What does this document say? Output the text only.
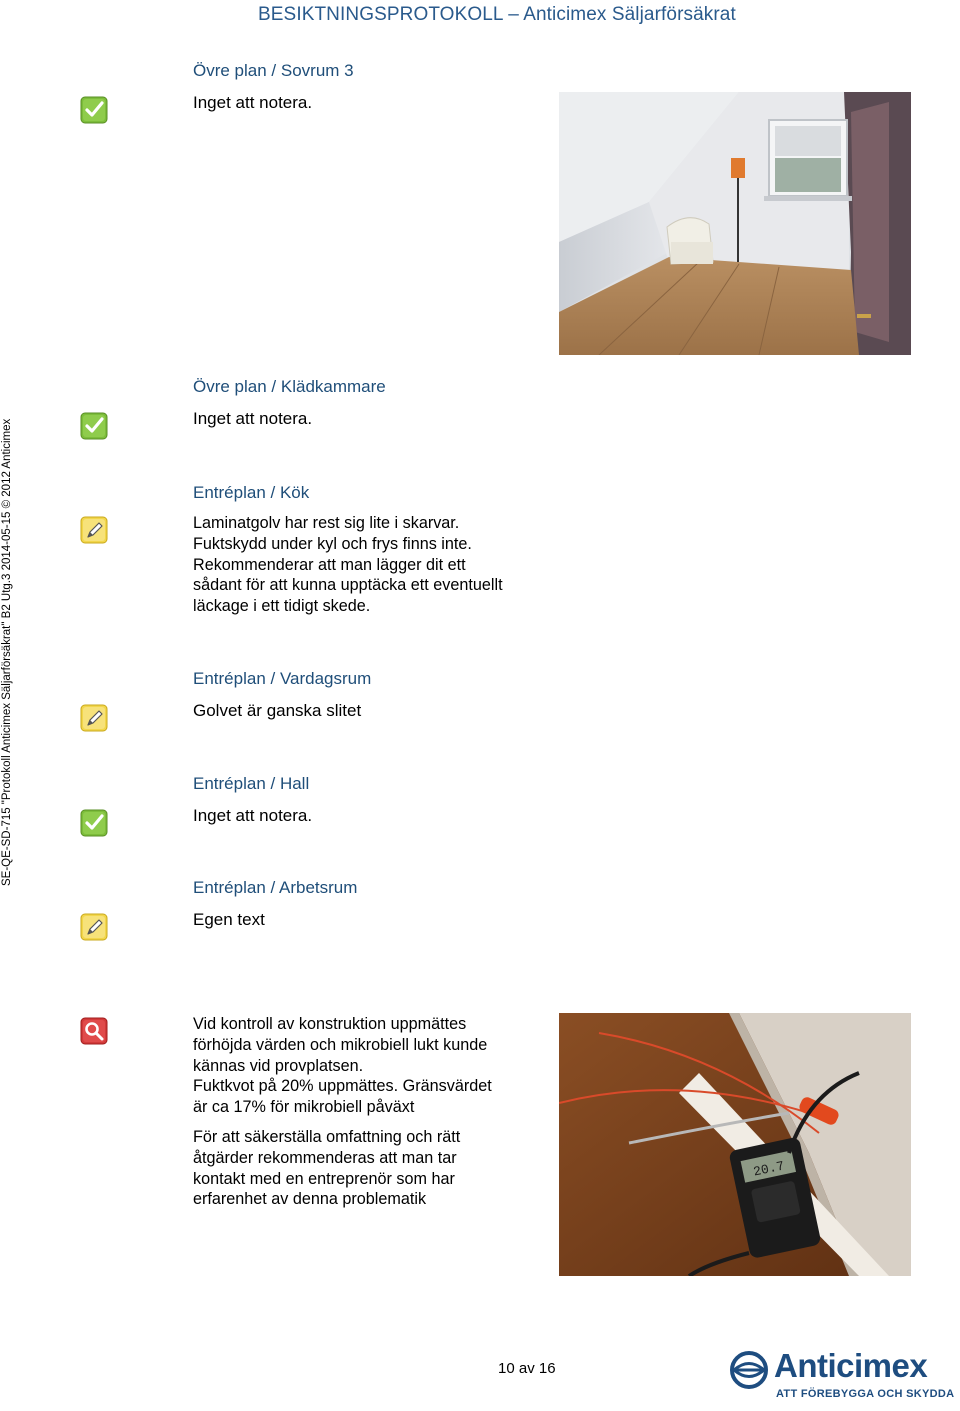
BESIKTNINGSPROTOKOLL – Anticimex Säljarförsäkrat
SE-QE-SD-715 "Protokoll Anticimex Säljarförsäkrat" B2 Utg.3 2014-05-15 © 2012 Anticimex
Övre plan / Sovrum 3
Inget att notera.
Övre plan / Klädkammare
Inget att notera.
Entréplan / Kök
Laminatgolv har rest sig lite i skarvar.
Fuktskydd under kyl och frys finns inte.
Rekommenderar att man lägger dit ett
sådant för att kunna upptäcka ett eventuellt
läckage i ett tidigt skede.
Entréplan / Vardagsrum
Golvet är ganska slitet
Entréplan / Hall
Inget att notera.
Entréplan / Arbetsrum
Egen text
Vid kontroll av konstruktion uppmättes
förhöjda värden och mikrobiell lukt kunde
kännas vid provplatsen.
Fuktkvot på 20% uppmättes. Gränsvärdet
är ca 17% för mikrobiell påväxt
För att säkerställa omfattning och rätt
åtgärder rekommenderas att man tar
kontakt med en entreprenör som har
erfarenhet av denna problematik
20.7
10 av 16	Anticimex
ATT FÖREBYGGA OCH SKYDDA
